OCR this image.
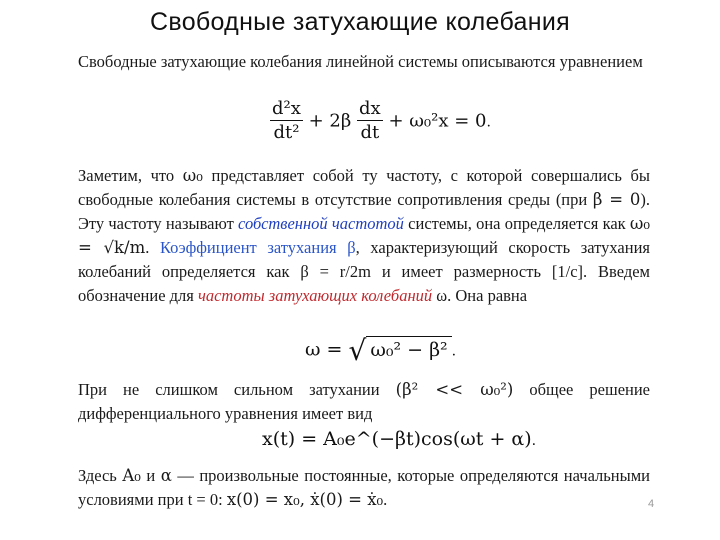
Свободные затухающие колебания

Свободные затухающие колебания линейной системы описываются уравнением

$\frac{\text{d²x}}{\text{dt²}} + 2\beta \frac{dx}{dt} + \omega_0^2x = 0$.

Заметим, что ω₀ представляет собой ту частоту, с которой совершались бы свободные колебания системы в отсутствие сопротивления среды (при β = 0). Эту частоту называют собственной частотой системы, она определяется как ω₀ = √k/m. Коэффициент затухания β, характеризующий скорость затухания колебаний определяется как β = r/2m и имеет размерность [1/с]. Введем обозначение для частоты затухающих колебаний ω. Она равна

ω = √ ω₀² − β² .

При не слишком сильном затухании (β² << ω₀²) общее решение дифференциального уравнения имеет вид

x(t) = A₀e^(−βt)cos(ωt + α).

Здесь A₀ и α — произвольные постоянные, которые определяются начальными условиями при t = 0: x(0) = x₀, ẋ(0) = ẋ₀.	4
